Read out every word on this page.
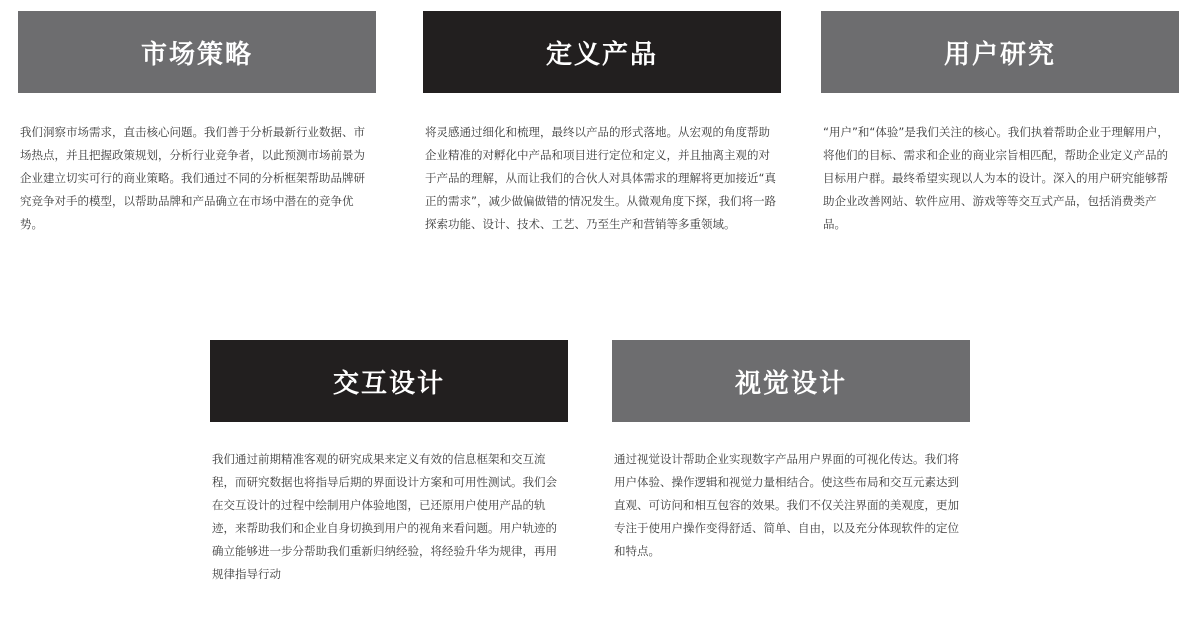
市场策略
我们洞察市场需求，直击核心问题。我们善于分析最新行业数据、市场热点，并且把握政策规划，分析行业竞争者，以此预测市场前景为企业建立切实可行的商业策略。我们通过不同的分析框架帮助品牌研究竞争对手的模型，以帮助品牌和产品确立在市场中潜在的竞争优势。
定义产品
将灵感通过细化和梳理，最终以产品的形式落地。从宏观的角度帮助企业精准的对孵化中产品和项目进行定位和定义，并且抽离主观的对于产品的理解，从而让我们的合伙人对具体需求的理解将更加接近“真正的需求”，减少做偏做错的情况发生。从微观角度下探，我们将一路探索功能、设计、技术、工艺、乃至生产和营销等多重领域。
用户研究
“用户”和“体验”是我们关注的核心。我们执着帮助企业于理解用户，将他们的目标、需求和企业的商业宗旨相匹配，帮助企业定义产品的目标用户群。最终希望实现以人为本的设计。深入的用户研究能够帮助企业改善网站、软件应用、游戏等等交互式产品，包括消费类产品。
交互设计
我们通过前期精准客观的研究成果来定义有效的信息框架和交互流程，而研究数据也将指导后期的界面设计方案和可用性测试。我们会在交互设计的过程中绘制用户体验地图，已还原用户使用产品的轨迹，来帮助我们和企业自身切换到用户的视角来看问题。用户轨迹的确立能够进一步分帮助我们重新归纳经验，将经验升华为规律，再用规律指导行动
视觉设计
通过视觉设计帮助企业实现数字产品用户界面的可视化传达。我们将用户体验、操作逻辑和视觉力量相结合。使这些布局和交互元素达到直观、可访问和相互包容的效果。我们不仅关注界面的美观度，更加专注于使用户操作变得舒适、简单、自由，以及充分体现软件的定位和特点。
